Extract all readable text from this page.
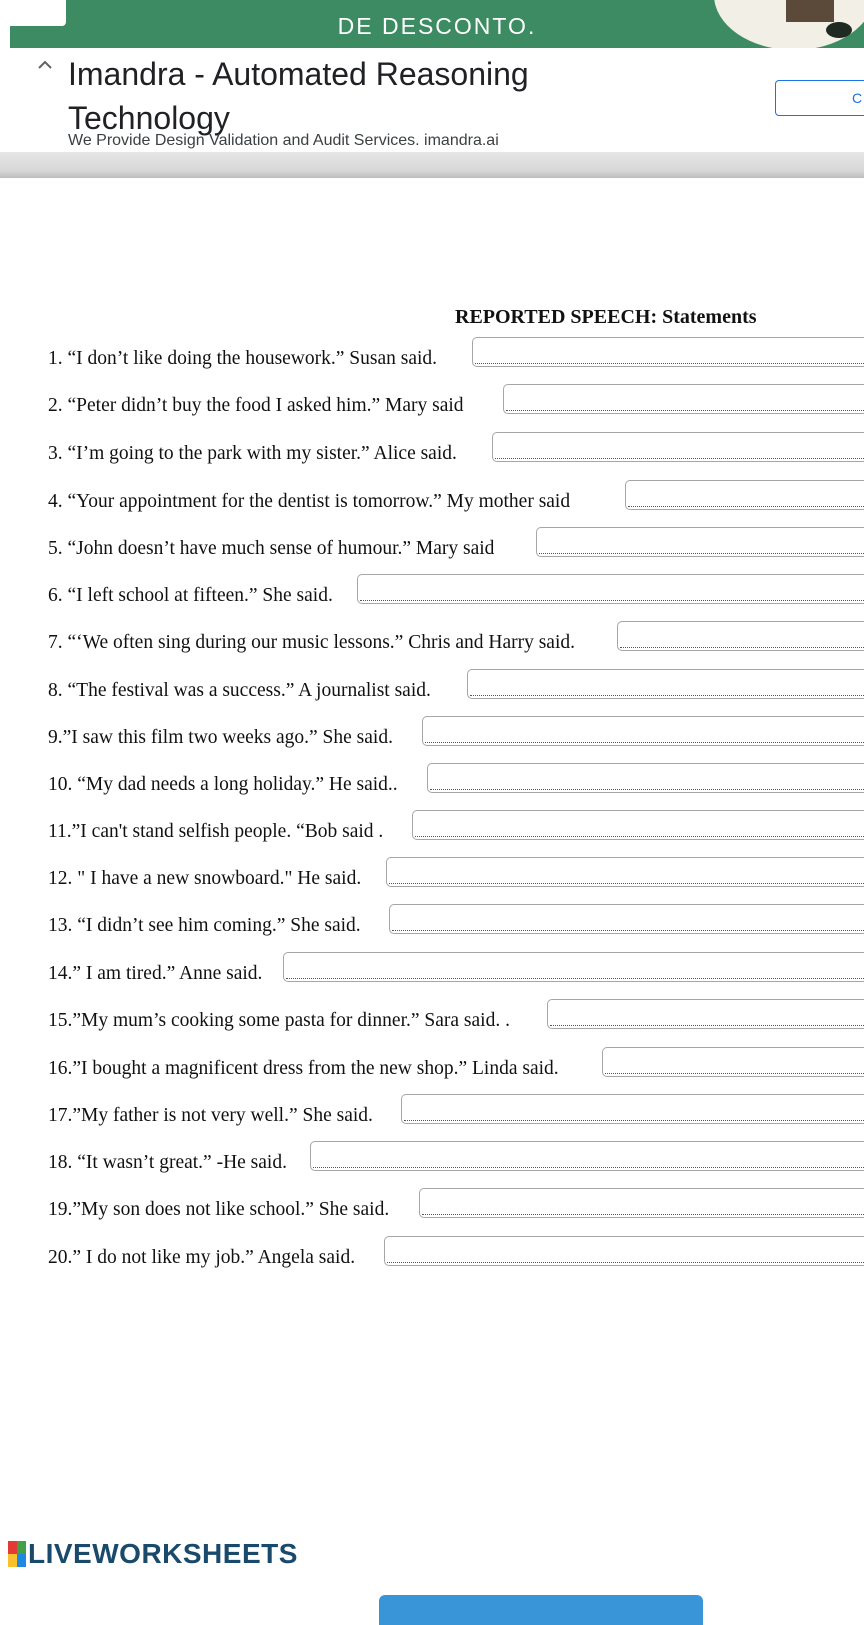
DE DESCONTO.
Imandra - Automated Reasoning Technology
We Provide Design Validation and Audit Services. imandra.ai
C
REPORTED SPEECH: Statements
1. “I don’t like doing the housework.” Susan said.
2. “Peter didn’t buy the food I asked him.” Mary said
3. “I’m going to the park with my sister.” Alice said.
4. “Your appointment for the dentist is tomorrow.” My mother said
5. “John doesn’t have much sense of humour.” Mary said
6. “I left school at fifteen.” She said.
7. “‘We often sing during our music lessons.” Chris and Harry said.
8. “The festival was a success.” A journalist said.
9.”I saw this film two weeks ago.” She said.
10. “My dad needs a long holiday.” He said..
11.”I can't stand selfish people. “Bob said .
12. " I have a new snowboard." He said.
13. “I didn’t see him coming.” She said.
14.” I am tired.” Anne said.
15.”My mum’s cooking some pasta for dinner.” Sara said. .
16.”I bought a magnificent dress from the new shop.” Linda said.
17.”My father is not very well.” She said.
18. “It wasn’t great.” -He said.
19.”My son does not like school.” She said.
20.” I do not like my job.” Angela said.
LIVEWORKSHEETS
